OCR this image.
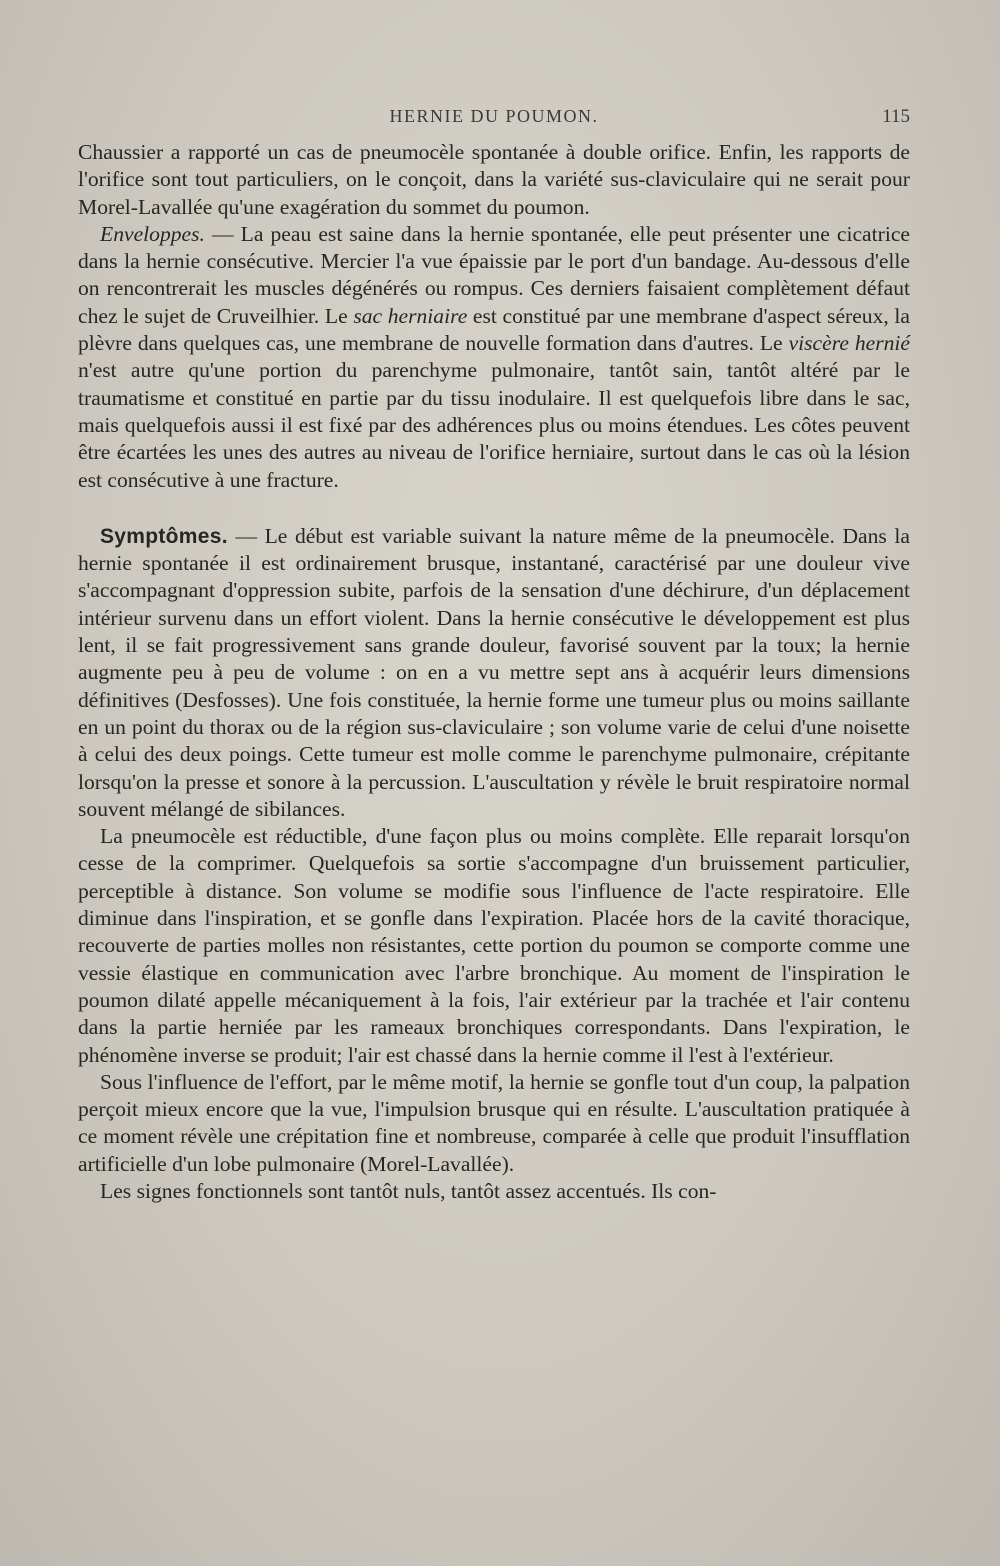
HERNIE DU POUMON.	115

Chaussier a rapporté un cas de pneumocèle spontanée à double orifice. Enfin, les rapports de l'orifice sont tout particuliers, on le conçoit, dans la variété sus-claviculaire qui ne serait pour Morel-Lavallée qu'une exagération du sommet du poumon.

Enveloppes. — La peau est saine dans la hernie spontanée, elle peut présenter une cicatrice dans la hernie consécutive. Mercier l'a vue épaissie par le port d'un bandage. Au-dessous d'elle on rencontrerait les muscles dégénérés ou rompus. Ces derniers faisaient complètement défaut chez le sujet de Cruveilhier. Le sac herniaire est constitué par une membrane d'aspect séreux, la plèvre dans quelques cas, une membrane de nouvelle formation dans d'autres. Le viscère hernié n'est autre qu'une portion du parenchyme pulmonaire, tantôt sain, tantôt altéré par le traumatisme et constitué en partie par du tissu inodulaire. Il est quelquefois libre dans le sac, mais quelquefois aussi il est fixé par des adhérences plus ou moins étendues. Les côtes peuvent être écartées les unes des autres au niveau de l'orifice herniaire, surtout dans le cas où la lésion est consécutive à une fracture.

Symptômes. — Le début est variable suivant la nature même de la pneumocèle. Dans la hernie spontanée il est ordinairement brusque, instantané, caractérisé par une douleur vive s'accompagnant d'oppression subite, parfois de la sensation d'une déchirure, d'un déplacement intérieur survenu dans un effort violent. Dans la hernie consécutive le développement est plus lent, il se fait progressivement sans grande douleur, favorisé souvent par la toux; la hernie augmente peu à peu de volume : on en a vu mettre sept ans à acquérir leurs dimensions définitives (Desfosses). Une fois constituée, la hernie forme une tumeur plus ou moins saillante en un point du thorax ou de la région sus-claviculaire ; son volume varie de celui d'une noisette à celui des deux poings. Cette tumeur est molle comme le parenchyme pulmonaire, crépitante lorsqu'on la presse et sonore à la percussion. L'auscultation y révèle le bruit respiratoire normal souvent mélangé de sibilances.

La pneumocèle est réductible, d'une façon plus ou moins complète. Elle reparait lorsqu'on cesse de la comprimer. Quelquefois sa sortie s'accompagne d'un bruissement particulier, perceptible à distance. Son volume se modifie sous l'influence de l'acte respiratoire. Elle diminue dans l'inspiration, et se gonfle dans l'expiration. Placée hors de la cavité thoracique, recouverte de parties molles non résistantes, cette portion du poumon se comporte comme une vessie élastique en communication avec l'arbre bronchique. Au moment de l'inspiration le poumon dilaté appelle mécaniquement à la fois, l'air extérieur par la trachée et l'air contenu dans la partie herniée par les rameaux bronchiques correspondants. Dans l'expiration, le phénomène inverse se produit; l'air est chassé dans la hernie comme il l'est à l'extérieur.

Sous l'influence de l'effort, par le même motif, la hernie se gonfle tout d'un coup, la palpation perçoit mieux encore que la vue, l'impulsion brusque qui en résulte. L'auscultation pratiquée à ce moment révèle une crépitation fine et nombreuse, comparée à celle que produit l'insufflation artificielle d'un lobe pulmonaire (Morel-Lavallée).

Les signes fonctionnels sont tantôt nuls, tantôt assez accentués. Ils con-
